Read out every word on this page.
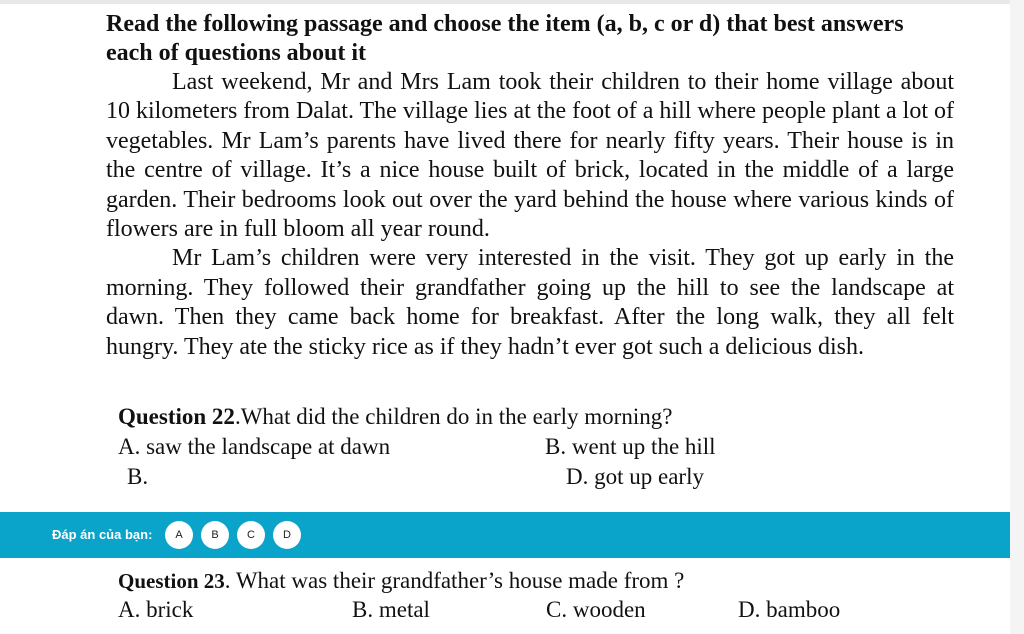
Read the following passage and choose the item (a, b, c or d) that best answers each of questions about it

Last weekend, Mr and Mrs Lam took their children to their home village about 10 kilometers from Dalat. The village lies at the foot of a hill where people plant a lot of vegetables. Mr Lam’s parents have lived there for nearly fifty years. Their house is in the centre of village. It’s a nice house built of brick, located in the middle of a large garden. Their bedrooms look out over the yard behind the house where various kinds of flowers are in full bloom all year round.

Mr Lam’s children were very interested in the visit. They got up early in the morning. They followed their grandfather going up the hill to see the landscape at dawn. Then they came back home for breakfast. After the long walk, they all felt hungry. They ate the sticky rice as if they hadn’t ever got such a delicious dish.

Question 22.What did the children do in the early morning?
A. saw the landscape at dawn	B. went up the hill
B.	D. got up early
Đáp án của bạn:	A	B	C	D
Question 23. What was their grandfather’s house made from ?
A. brick	B. metal	C. wooden	D. bamboo
